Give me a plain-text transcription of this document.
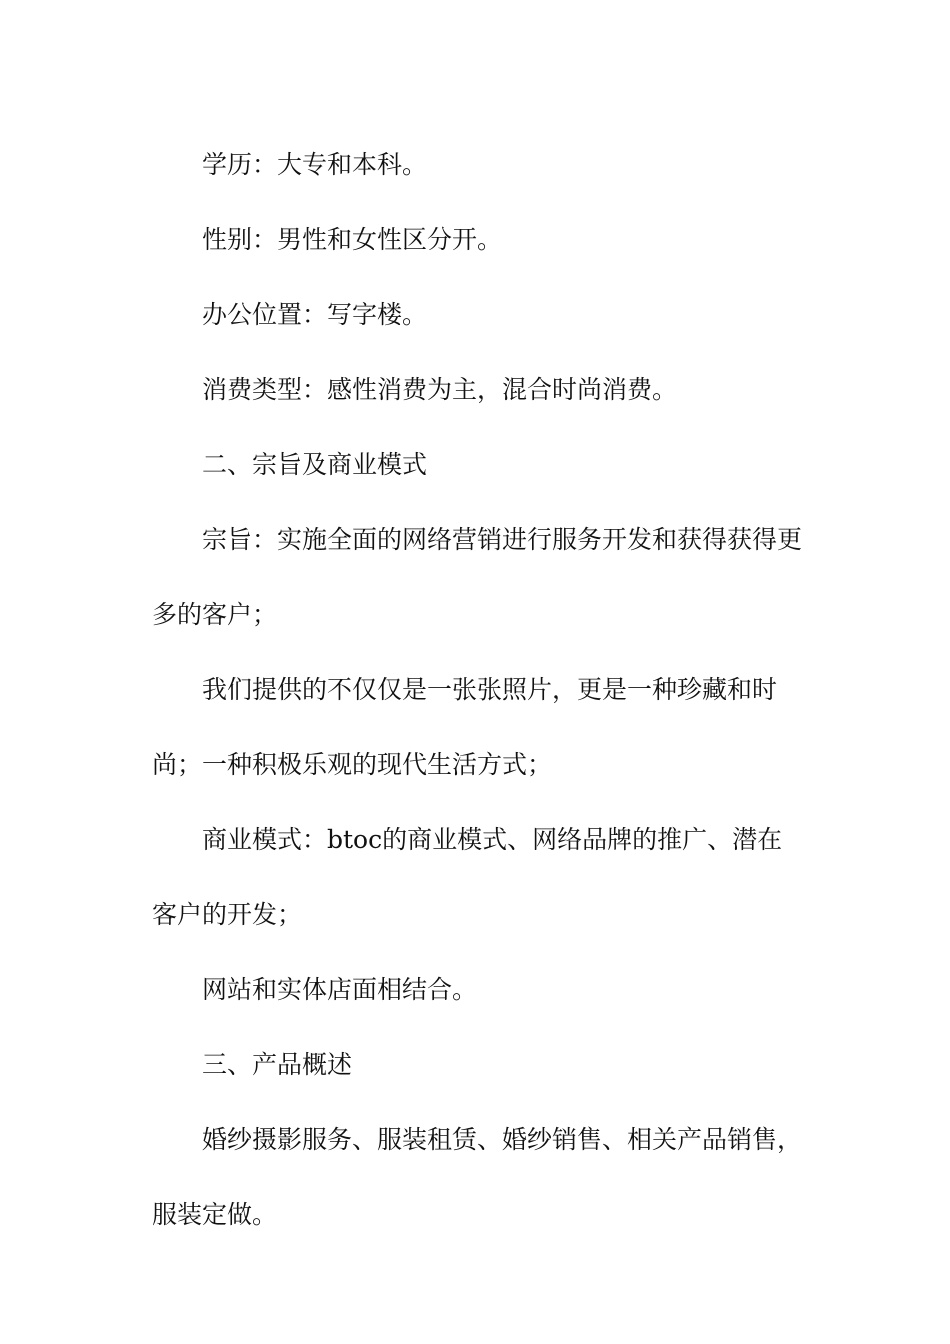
学历：大专和本科。

性别：男性和女性区分开。

办公位置：写字楼。

消费类型：感性消费为主，混合时尚消费。

二、宗旨及商业模式

宗旨：实施全面的网络营销进行服务开发和获得获得更多的客户；

我们提供的不仅仅是一张张照片，更是一种珍藏和时尚；一种积极乐观的现代生活方式；

商业模式：btoc的商业模式、网络品牌的推广、潜在客户的开发；

网站和实体店面相结合。

三、产品概述

婚纱摄影服务、服装租赁、婚纱销售、相关产品销售，服装定做。
